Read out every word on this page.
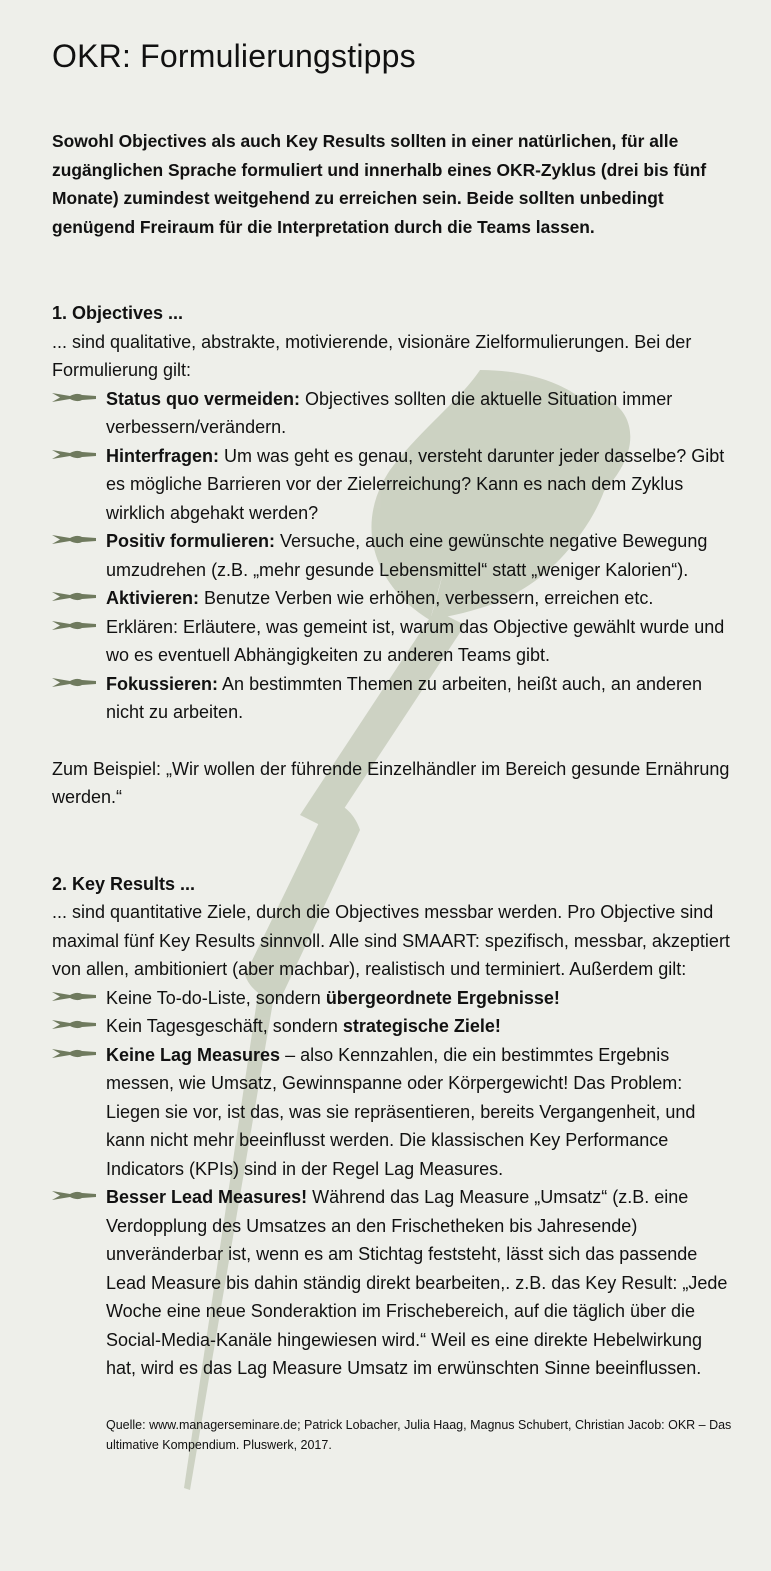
OKR: Formulierungstipps

Sowohl Objectives als auch Key Results sollten in einer natürlichen, für alle zugänglichen Sprache formuliert und innerhalb eines OKR-Zyklus (drei bis fünf Monate) zumindest weitgehend zu erreichen sein. Beide sollten unbedingt genügend Freiraum für die Interpretation durch die Teams lassen.

1. Objectives ...

... sind qualitative, abstrakte, motivierende, visionäre Zielformulierungen. Bei der Formulierung gilt:

Status quo vermeiden: Objectives sollten die aktuelle Situation immer verbessern/verändern.
Hinterfragen: Um was geht es genau, versteht darunter jeder dasselbe? Gibt es mögliche Barrieren vor der Zielerreichung? Kann es nach dem Zyklus wirklich abgehakt werden?
Positiv formulieren: Versuche, auch eine gewünschte negative Bewegung umzudrehen (z.B. „mehr gesunde Lebensmittel“ statt „weniger Kalorien“).
Aktivieren: Benutze Verben wie erhöhen, verbessern, erreichen etc.
Erklären: Erläutere, was gemeint ist, warum das Objective gewählt wurde und wo es eventuell Abhängigkeiten zu anderen Teams gibt.
Fokussieren: An bestimmten Themen zu arbeiten, heißt auch, an anderen nicht zu arbeiten.

Zum Beispiel: „Wir wollen der führende Einzelhändler im Bereich gesunde Ernährung werden.“

2. Key Results ...

... sind quantitative Ziele, durch die Objectives messbar werden. Pro Objective sind maximal fünf Key Results sinnvoll. Alle sind SMAART: spezifisch, messbar, akzeptiert von allen, ambitioniert (aber machbar), realistisch und terminiert. Außerdem gilt:

Keine To-do-Liste, sondern übergeordnete Ergebnisse!
Kein Tagesgeschäft, sondern strategische Ziele!
Keine Lag Measures – also Kennzahlen, die ein bestimmtes Ergebnis messen, wie Umsatz, Gewinnspanne oder Körpergewicht! Das Problem: Liegen sie vor, ist das, was sie repräsentieren, bereits Vergangenheit, und kann nicht mehr beeinflusst werden. Die klassischen Key Performance Indicators (KPIs) sind in der Regel Lag Measures.
Besser Lead Measures! Während das Lag Measure „Umsatz“ (z.B. eine Verdopplung des Umsatzes an den Frischetheken bis Jahresende) unveränderbar ist, wenn es am Stichtag feststeht, lässt sich das passende Lead Measure bis dahin ständig direkt bearbeiten,. z.B. das Key Result: „Jede Woche eine neue Sonderaktion im Frischebereich, auf die täglich über die Social-Media-Kanäle hingewiesen wird.“ Weil es eine direkte Hebelwirkung hat, wird es das Lag Measure Umsatz im erwünschten Sinne beeinflussen.

Quelle: www.managerseminare.de; Patrick Lobacher, Julia Haag, Magnus Schubert, Christian Jacob: OKR – Das ultimative Kompendium. Pluswerk, 2017.
